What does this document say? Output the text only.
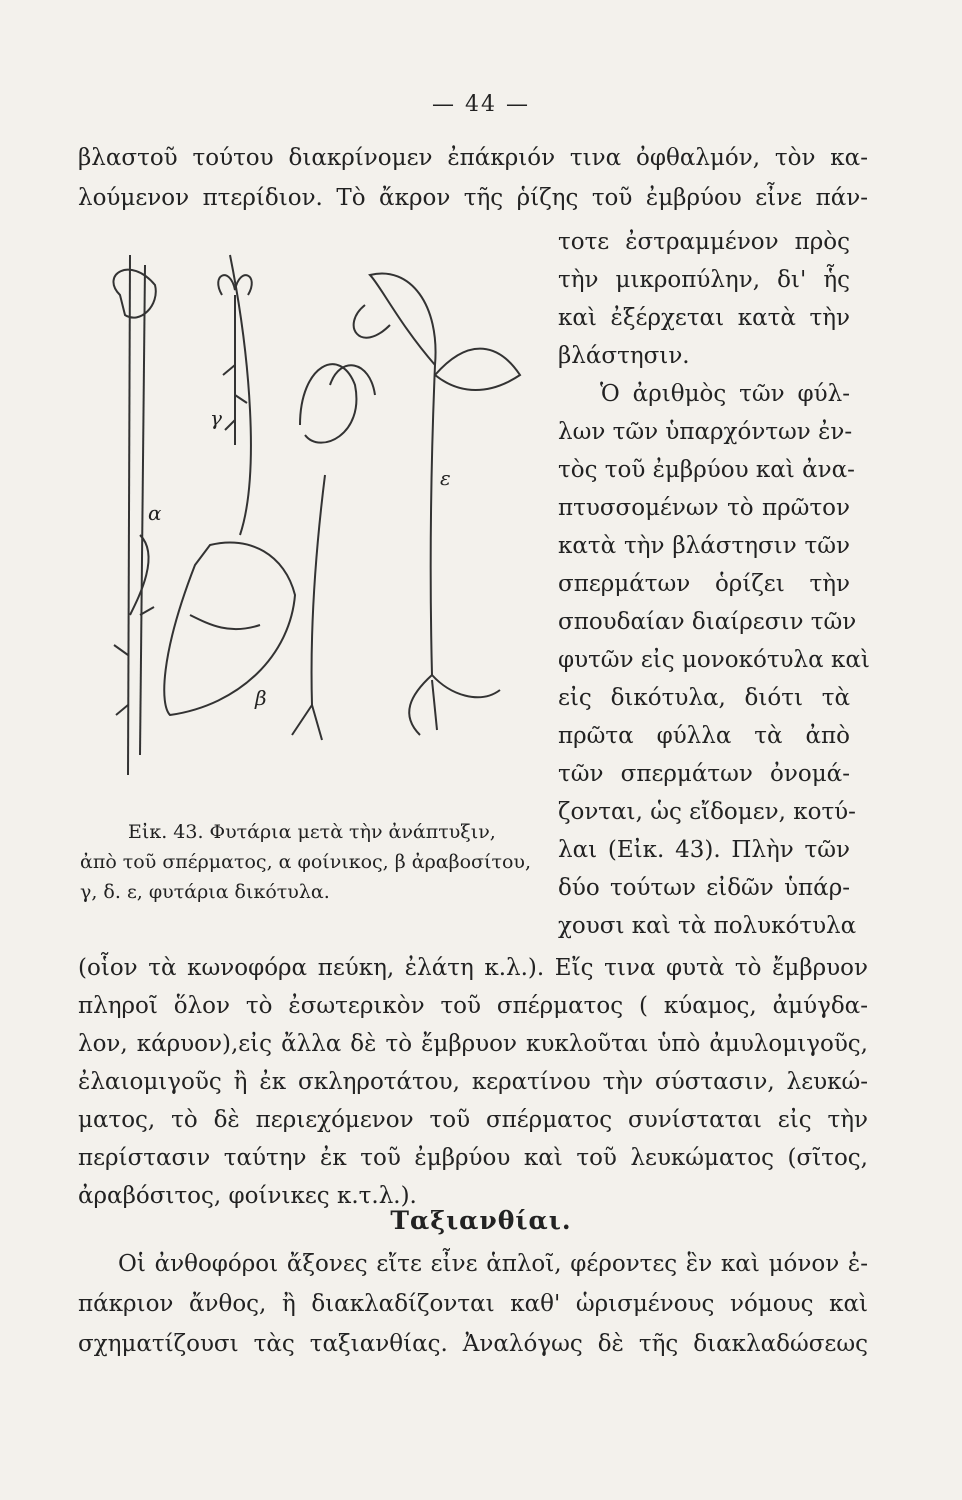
— 44 —
βλαστοῦ τούτου διακρίνομεν ἐπάκριόν τινα ὀφθαλμόν, τὸν κα-
λούμενον πτερίδιον. Τὸ ἄκρον τῆς ῥίζης τοῦ ἐμβρύου εἶνε πάν-
τοτε ἐστραμμένον πρὸς
τὴν μικροπύλην, δι' ἧς
καὶ ἐξέρχεται κατὰ τὴν
βλάστησιν.
Ὁ ἀριθμὸς τῶν φύλ-
λων τῶν ὑπαρχόντων ἐν-
τὸς τοῦ ἐμβρύου καὶ ἀνα-
πτυσσομένων τὸ πρῶτον
κατὰ τὴν βλάστησιν τῶν
σπερμάτων ὁρίζει τὴν
σπουδαίαν διαίρεσιν τῶν
φυτῶν εἰς μονοκότυλα καὶ
εἰς δικότυλα, διότι τὰ
πρῶτα φύλλα τὰ ἀπὸ
τῶν σπερμάτων ὀνομά-
ζονται, ὡς εἴδομεν, κοτύ-
λαι (Εἰκ. 43). Πλὴν τῶν
δύο τούτων εἰδῶν ὑπάρ-
χουσι καὶ τὰ πολυκότυλα
α
β
γ
ε
Εἰκ. 43. Φυτάρια μετὰ τὴν ἀνάπτυξιν,
ἀπὸ τοῦ σπέρματος, α φοίνικος, β ἀραβοσίτου,
γ, δ. ε, φυτάρια δικότυλα.
(οἷον τὰ κωνοφόρα πεύκη, ἐλάτη κ.λ.). Εἴς τινα φυτὰ τὸ ἔμβρυον
πληροῖ ὅλον τὸ ἐσωτερικὸν τοῦ σπέρματος ( κύαμος, ἀμύγδα-
λον, κάρυον),εἰς ἄλλα δὲ τὸ ἔμβρυον κυκλοῦται ὑπὸ ἀμυλομιγοῦς,
ἐλαιομιγοῦς ἢ ἐκ σκληροτάτου, κερατίνου τὴν σύστασιν, λευκώ-
ματος, τὸ δὲ περιεχόμενον τοῦ σπέρματος συνίσταται εἰς τὴν
περίστασιν ταύτην ἐκ τοῦ ἐμβρύου καὶ τοῦ λευκώματος (σῖτος,
ἀραβόσιτος, φοίνικες κ.τ.λ.).
Ταξιανθίαι.
Οἱ ἀνθοφόροι ἄξονες εἴτε εἶνε ἁπλοῖ, φέροντες ἓν καὶ μόνον ἐ-
πάκριον ἄνθος, ἢ διακλαδίζονται καθ' ὡρισμένους νόμους καὶ
σχηματίζουσι τὰς ταξιανθίας. Ἀναλόγως δὲ τῆς διακλαδώσεως
